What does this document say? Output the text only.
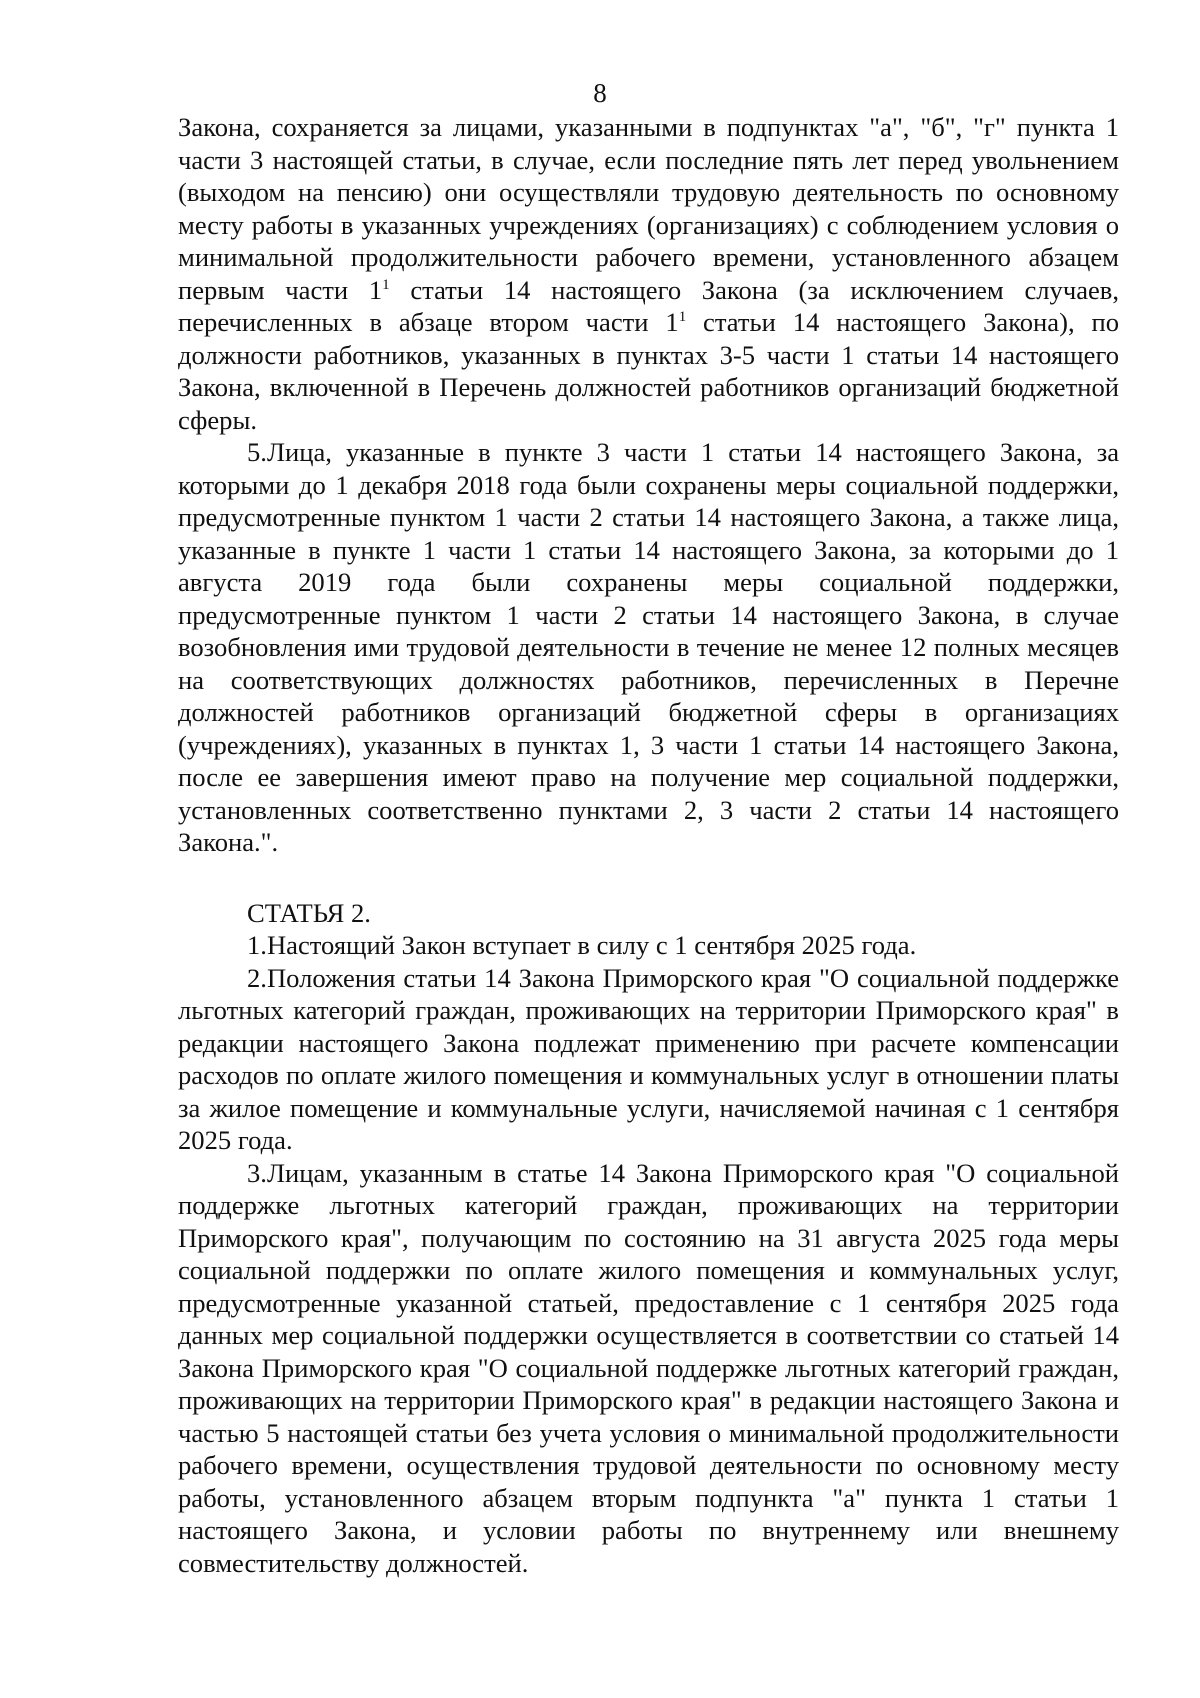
8

Закона, сохраняется за лицами, указанными в подпунктах "а", "б", "г" пункта 1 части 3 настоящей статьи, в случае, если последние пять лет перед увольнением (выходом на пенсию) они осуществляли трудовую деятельность по основному месту работы в указанных учреждениях (организациях) с соблюдением условия о минимальной продолжительности рабочего времени, установленного абзацем первым части $1^1$ статьи 14 настоящего Закона (за исключением случаев, перечисленных в абзаце втором части $1^1$ статьи 14 настоящего Закона), по должности работников, указанных в пунктах 3-5 части 1 статьи 14 настоящего Закона, включенной в Перечень должностей работников организаций бюджетной сферы.

5.Лица, указанные в пункте 3 части 1 статьи 14 настоящего Закона, за которыми до 1 декабря 2018 года были сохранены меры социальной поддержки, предусмотренные пунктом 1 части 2 статьи 14 настоящего Закона, а также лица, указанные в пункте 1 части 1 статьи 14 настоящего Закона, за которыми до 1 августа 2019 года были сохранены меры социальной поддержки, предусмотренные пунктом 1 части 2 статьи 14 настоящего Закона, в случае возобновления ими трудовой деятельности в течение не менее 12 полных месяцев на соответствующих должностях работников, перечисленных в Перечне должностей работников организаций бюджетной сферы в организациях (учреждениях), указанных в пунктах 1, 3 части 1 статьи 14 настоящего Закона, после ее завершения имеют право на получение мер социальной поддержки, установленных соответственно пунктами 2, 3 части 2 статьи 14 настоящего Закона.".

СТАТЬЯ 2.

1.Настоящий Закон вступает в силу с 1 сентября 2025 года.

2.Положения статьи 14 Закона Приморского края "О социальной поддержке льготных категорий граждан, проживающих на территории Приморского края" в редакции настоящего Закона подлежат применению при расчете компенсации расходов по оплате жилого помещения и коммунальных услуг в отношении платы за жилое помещение и коммунальные услуги, начисляемой начиная с 1 сентября 2025 года.

3.Лицам, указанным в статье 14 Закона Приморского края "О социальной поддержке льготных категорий граждан, проживающих на территории Приморского края", получающим по состоянию на 31 августа 2025 года меры социальной поддержки по оплате жилого помещения и коммунальных услуг, предусмотренные указанной статьей, предоставление с 1 сентября 2025 года данных мер социальной поддержки осуществляется в соответствии со статьей 14 Закона Приморского края "О социальной поддержке льготных категорий граждан, проживающих на территории Приморского края" в редакции настоящего Закона и частью 5 настоящей статьи без учета условия о минимальной продолжительности рабочего времени, осуществления трудовой деятельности по основному месту работы, установленного абзацем вторым подпункта "а" пункта 1 статьи 1 настоящего Закона, и условии работы по внутреннему или внешнему совместительству должностей.
